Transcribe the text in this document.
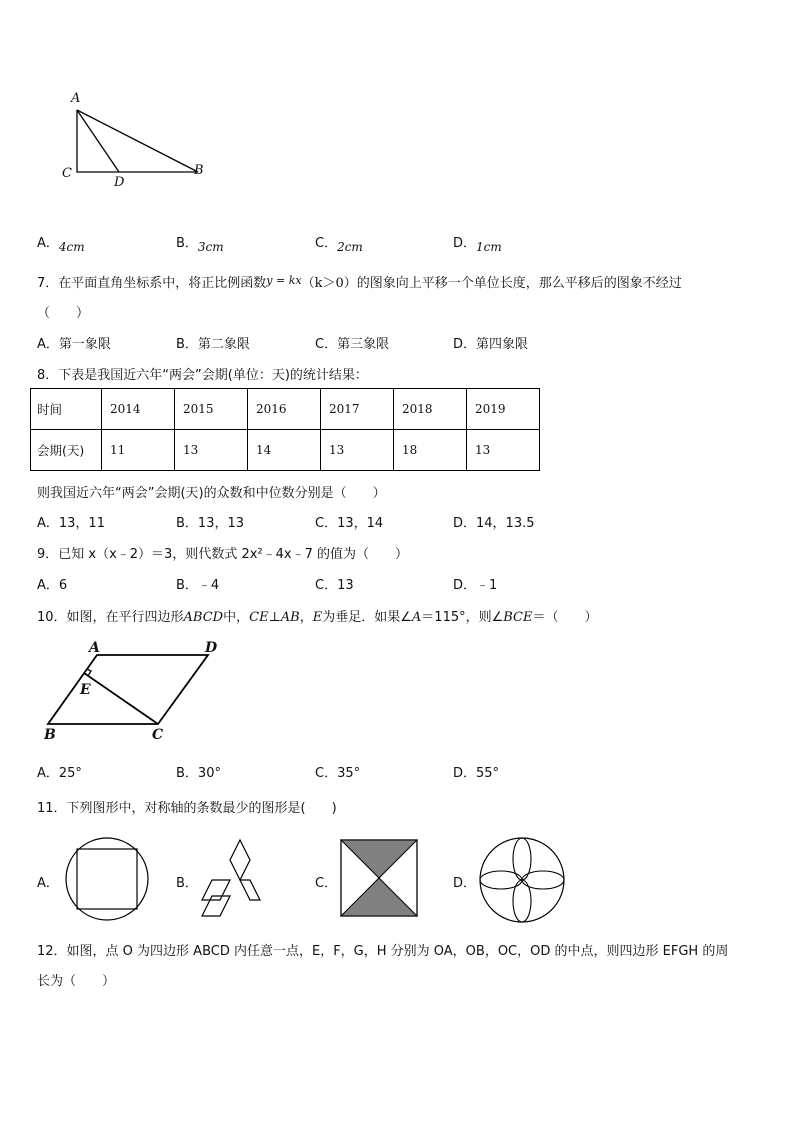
A
C
D
B
A．4cm	B．3cm	C．2cm	D．1cm
7．在平面直角坐标系中，将正比例函数$^{y = kx}$（k＞0）的图象向上平移一个单位长度，那么平移后的图象不经过
（　　）
A．第一象限	B．第二象限	C．第三象限	D．第四象限
8．下表是我国近六年“两会”会期(单位：天)的统计结果：
时间	2014	2015	2016	2017	2018	2019
会期(天)	11	13	14	13	18	13
则我国近六年“两会”会期(天)的众数和中位数分别是（　　）
A．13，11	B．13，13	C．13，14	D．14，13.5
9．已知 x（x﹣2）＝3，则代数式 2x²﹣4x﹣7 的值为（　　）
A．6	B．﹣4	C．13	D．﹣1
10．如图，在平行四边形ABCD中，CE⊥AB，E为垂足．如果∠A＝115°，则∠BCE＝（　　）
A	D
E
B	C
A．25°	B．30°	C．35°	D．55°
11．下列图形中，对称轴的条数最少的图形是(　　)
A．	B．	C．	D．
12．如图，点 O 为四边形 ABCD 内任意一点，E，F，G，H 分别为 OA，OB，OC，OD 的中点，则四边形 EFGH 的周
长为（　　）
